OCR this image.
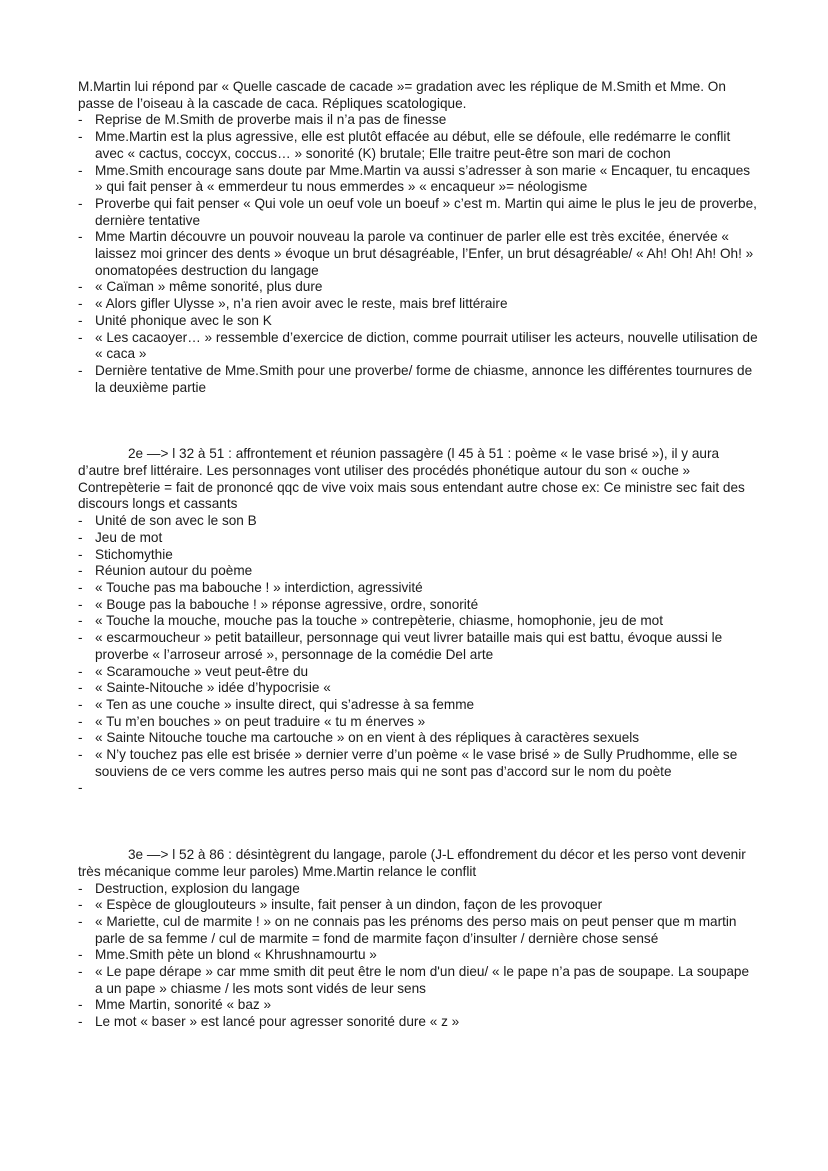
M.Martin lui répond par « Quelle cascade de cacade »= gradation avec les réplique de M.Smith et Mme. On passe de l’oiseau à la cascade de caca. Répliques scatologique.

- Reprise de M.Smith de proverbe mais il n’a pas de finesse
- Mme.Martin est la plus agressive, elle est plutôt effacée au début, elle se défoule, elle redémarre le conflit avec « cactus, coccyx, coccus… » sonorité (K) brutale; Elle traitre peut-être son mari de cochon
- Mme.Smith encourage sans doute par Mme.Martin va aussi s’adresser à son marie « Encaquer, tu encaques » qui fait penser à « emmerdeur tu nous emmerdes » « encaqueur »= néologisme
- Proverbe qui fait penser « Qui vole un oeuf vole un boeuf » c’est m. Martin qui aime le plus le jeu de proverbe, dernière tentative
- Mme Martin découvre un pouvoir nouveau la parole va continuer de parler elle est très excitée, énervée « laissez moi grincer des dents » évoque un brut désagréable, l’Enfer, un brut désagréable/ « Ah! Oh! Ah! Oh! » onomatopées destruction du langage
- « Caïman » même sonorité, plus dure
- « Alors gifler Ulysse », n’a rien avoir avec le reste, mais bref littéraire
- Unité phonique avec le son K
- « Les cacaoyer… » ressemble d’exercice de diction, comme pourrait utiliser les acteurs, nouvelle utilisation de « caca »
- Dernière tentative de Mme.Smith pour une proverbe/ forme de chiasme, annonce les différentes tournures de la deuxième partie

2e —> l 32 à 51 : affrontement et réunion passagère (l 45 à 51 : poème « le vase brisé »), il y aura d’autre bref littéraire. Les personnages vont utiliser des procédés phonétique autour du son « ouche »

Contrepèterie = fait de prononcé qqc de vive voix mais sous entendant autre chose ex: Ce ministre sec fait des discours longs et cassants

- Unité de son avec le son B
- Jeu de mot
- Stichomythie
- Réunion autour du poème
- « Touche pas ma babouche ! » interdiction, agressivité
- « Bouge pas la babouche ! » réponse agressive, ordre, sonorité
- « Touche la mouche, mouche pas la touche » contrepèterie, chiasme, homophonie, jeu de mot
- « escarmoucheur » petit batailleur, personnage qui veut livrer bataille mais qui est battu, évoque aussi le proverbe « l’arroseur arrosé », personnage de la comédie Del arte
- « Scaramouche » veut peut-être du
- « Sainte-Nitouche » idée d’hypocrisie «
- « Ten as une couche » insulte direct, qui s’adresse à sa femme
- « Tu m’en bouches » on peut traduire « tu m énerves »
- « Sainte Nitouche touche ma cartouche » on en vient à des répliques à caractères sexuels
- « N’y touchez pas elle est brisée » dernier verre d’un poème « le vase brisé » de Sully Prudhomme, elle se souviens de ce vers comme les autres perso mais qui ne sont pas d’accord sur le nom du poète
-

3e —> l 52 à 86 : désintègrent du langage, parole (J-L effondrement du décor et les perso vont devenir très mécanique comme leur paroles) Mme.Martin relance le conflit

- Destruction, explosion du langage
- « Espèce de glouglouteurs » insulte, fait penser à un dindon, façon de les provoquer
- « Mariette, cul de marmite ! » on ne connais pas les prénoms des perso mais on peut penser que m martin parle de sa femme / cul de marmite = fond de marmite façon d’insulter / dernière chose sensé
- Mme.Smith pète un blond « Khrushnamourtu »
- « Le pape dérape » car mme smith dit peut être le nom d'un dieu/ « le pape n’a pas de soupape. La soupape a un pape » chiasme / les mots sont vidés de leur sens
- Mme Martin, sonorité « baz »
- Le mot « baser » est lancé pour agresser sonorité dure « z »
